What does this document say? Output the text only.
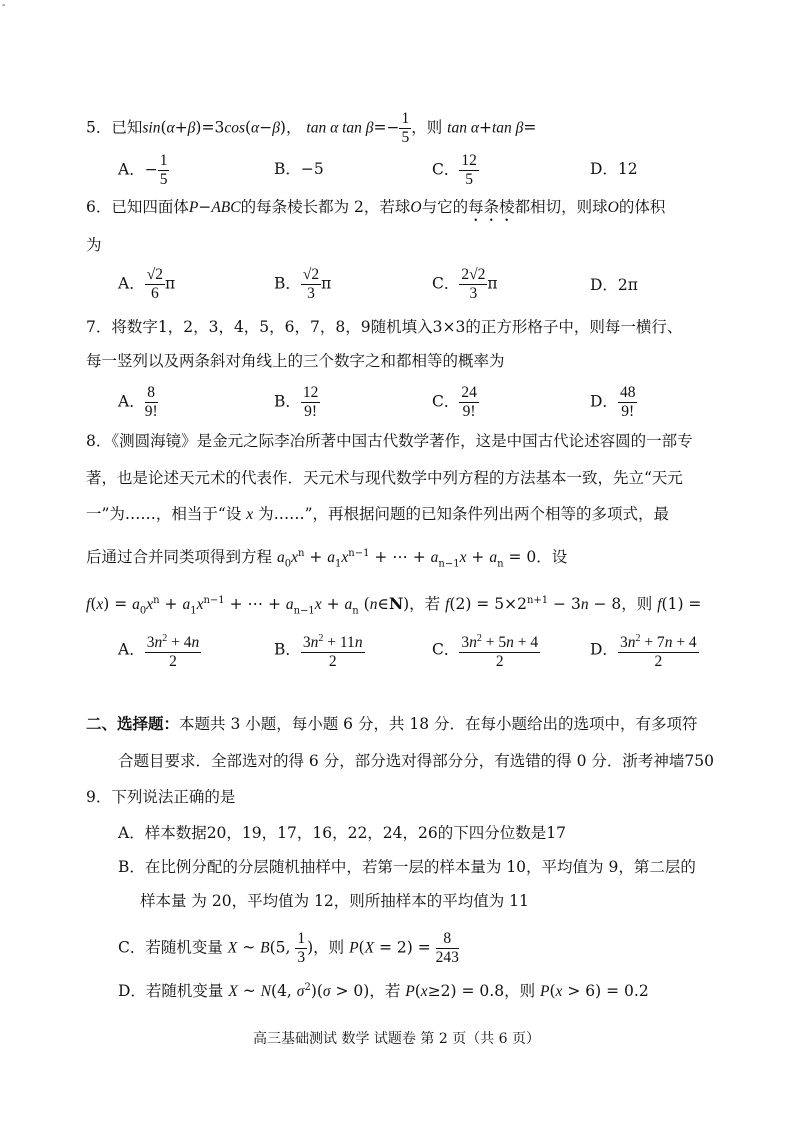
-
5．已知sin(α+β)=3cos(α−β)， tan α $\tan \beta=- \frac{1}{5}$ ，则 tan α+tan β=
A．− $\frac{1}{5}$	B．−5	C． $\frac{12}{5}$	D．12
6．已知四面体P−ABC的每条棱长都为 2，若球O与它的每条棱都相切，则球O的体积
为
A． $\frac{√2}{6}$ π	B． $\frac{√2}{3}$ π	C． $\frac{2√2}{3}$ π	D．2π
7．将数字1，2，3，4，5，6，7，8，9随机填入3×3的正方形格子中，则每一横行、
每一竖列以及两条斜对角线上的三个数字之和都相等的概率为
A． $\frac{8}{9!}$	B． $\frac{12}{9!}$	C． $\frac{24}{9!}$	D． $\frac{48}{9!}$
8．《测圆海镜》是金元之际李冶所著中国古代数学著作，这是中国古代论述容圆的一部专
著，也是论述天元术的代表作．天元术与现代数学中列方程的方法基本一致，先立“天元
一”为……，相当于“设 x 为……”，再根据问题的已知条件列出两个相等的多项式，最
后通过合并同类项得到方程 $a_0x^n + a_1x^{n-1}$ + ⋯ + $a_{n-1}x + a_n = 0$．设
$f(x) = a_0x^n + a_1x^{n-1}$ + ⋯ + $a_{n-1}x + a_n$ (n∈N)，若 $f(2) = 5\times 2^{n+1} - 3n - 8$，则 f(1) =
A． $\frac{3n^2 + 4n}{2}$	B． $\frac{3n^2 + 11n}{2}$	C． $\frac{3n^2 + 5n + 4}{2}$	D． $\frac{3n^2 + 7n + 4}{2}$
二、选择题：本题共 3 小题，每小题 6 分，共 18 分．在每小题给出的选项中，有多项符
合题目要求．全部选对的得 6 分，部分选对得部分分，有选错的得 0 分．浙考神墙750
9．下列说法正确的是
A．样本数据20，19，17，16，22，24，26的下四分位数是17
B．在比例分配的分层随机抽样中，若第一层的样本量为 10，平均值为 9，第二层的
样本量 为 20，平均值为 12，则所抽样本的平均值为 11
C．若随机变量 X ~ B(5, $\frac{1}{3}$ )，则 $P(X = 2) = \frac{8}{243}$
D．若随机变量 X ~ N(4, $\sigma^2)(\sigma > 0)$，若 P(x≥2) = 0.8，则 P(x > 6) = 0.2
高三基础测试 数学 试题卷 第 2 页（共 6 页）
